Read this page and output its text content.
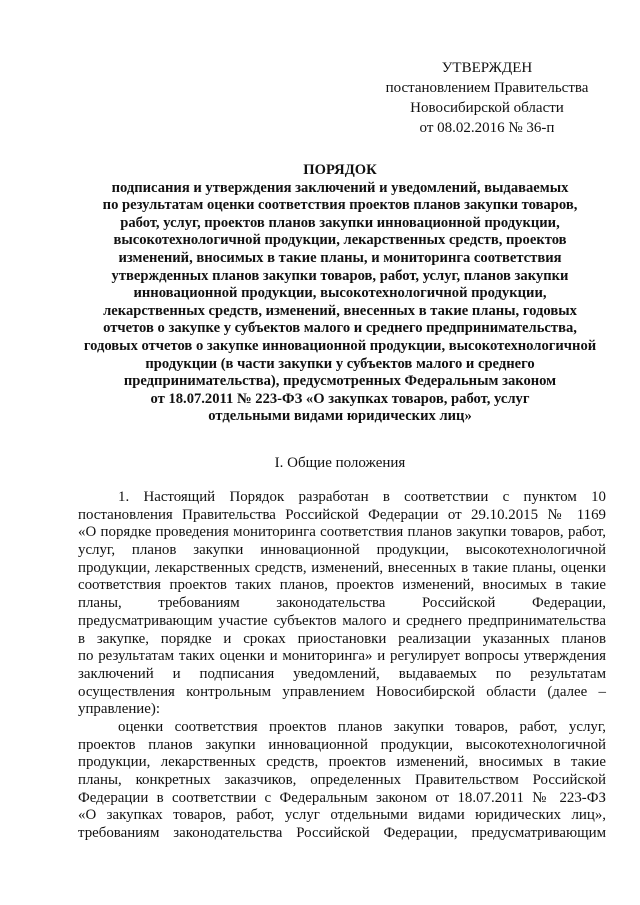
УТВЕРЖДЕН
постановлением Правительства
Новосибирской области
от 08.02.2016 № 36-п
ПОРЯДОК
подписания и утверждения заключений и уведомлений, выдаваемых
по результатам оценки соответствия проектов планов закупки товаров,
работ, услуг, проектов планов закупки инновационной продукции,
высокотехнологичной продукции, лекарственных средств, проектов
изменений, вносимых в такие планы, и мониторинга соответствия
утвержденных планов закупки товаров, работ, услуг, планов закупки
инновационной продукции, высокотехнологичной продукции,
лекарственных средств, изменений, внесенных в такие планы, годовых
отчетов о закупке у субъектов малого и среднего предпринимательства,
годовых отчетов о закупке инновационной продукции, высокотехнологичной
продукции (в части закупки у субъектов малого и среднего
предпринимательства), предусмотренных Федеральным законом
от 18.07.2011 № 223-ФЗ «О закупках товаров, работ, услуг
отдельными видами юридических лиц»
I. Общие положения
1. Настоящий Порядок разработан в соответствии с пунктом 10
постановления Правительства Российской Федерации от 29.10.2015 № 1169
«О порядке проведения мониторинга соответствия планов закупки товаров, работ,
услуг, планов закупки инновационной продукции, высокотехнологичной
продукции, лекарственных средств, изменений, внесенных в такие планы, оценки
соответствия проектов таких планов, проектов изменений, вносимых в такие
планы, требованиям законодательства Российской Федерации,
предусматривающим участие субъектов малого и среднего предпринимательства
в закупке, порядке и сроках приостановки реализации указанных планов
по результатам таких оценки и мониторинга» и регулирует вопросы утверждения
заключений и подписания уведомлений, выдаваемых по результатам
осуществления контрольным управлением Новосибирской области (далее –
управление):
оценки соответствия проектов планов закупки товаров, работ, услуг,
проектов планов закупки инновационной продукции, высокотехнологичной
продукции, лекарственных средств, проектов изменений, вносимых в такие
планы, конкретных заказчиков, определенных Правительством Российской
Федерации в соответствии с Федеральным законом от 18.07.2011 № 223-ФЗ
«О закупках товаров, работ, услуг отдельными видами юридических лиц»,
требованиям законодательства Российской Федерации, предусматривающим
